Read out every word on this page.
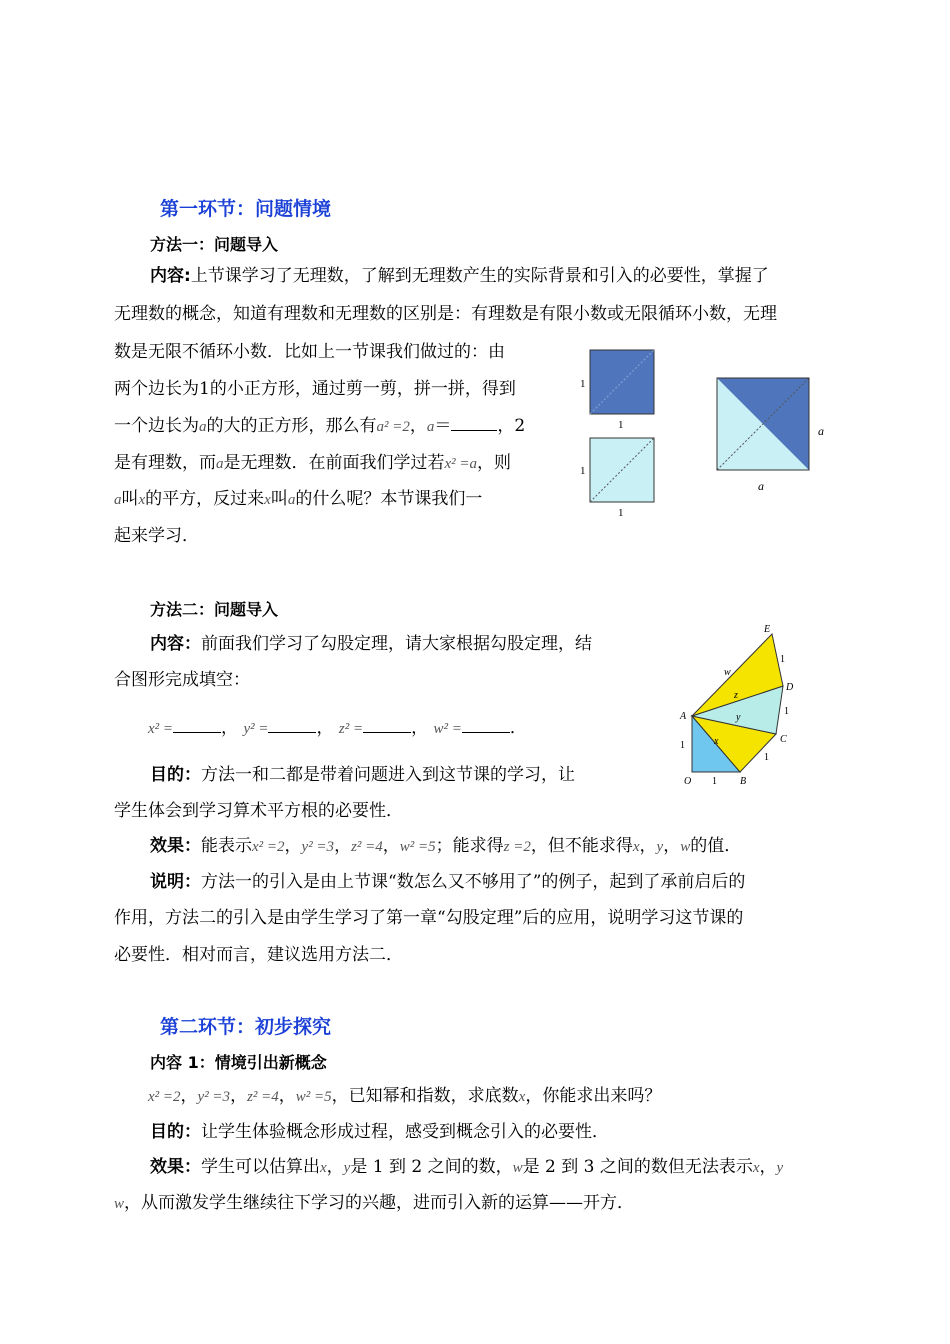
第一环节：问题情境
方法一：问题导入
内容:上节课学习了无理数，了解到无理数产生的实际背景和引入的必要性，掌握了
无理数的概念，知道有理数和无理数的区别是：有理数是有限小数或无限循环小数，无理
数是无限不循环小数．比如上一节课我们做过的：由
两个边长为1的小正方形，通过剪一剪，拼一拼，得到
一个边长为a的大的正方形，那么有a² =2，a＝	，2
是有理数，而a是无理数．在前面我们学过若x² =a，则
a叫x的平方，反过来x叫a的什么呢？本节课我们一
起来学习．
1
1
1
1
a
a
方法二：问题导入
内容：前面我们学习了勾股定理，请大家根据勾股定理，结
合图形完成填空：
x² =	， y² =	， z² =	， w² =	．
E
w
1
D
z
A	y
1
C
x
1
1
O 1 B
目的：方法一和二都是带着问题进入到这节课的学习，让
学生体会到学习算术平方根的必要性．
效果：能表示x² =2，y² =3，z² =4，w² =5；能求得z =2，但不能求得x，y，w的值．
说明：方法一的引入是由上节课“数怎么又不够用了”的例子，起到了承前启后的
作用，方法二的引入是由学生学习了第一章“勾股定理”后的应用，说明学习这节课的
必要性．相对而言，建议选用方法二．
第二环节：初步探究
内容 1：情境引出新概念
x² =2，y² =3，z² =4，w² =5，已知幂和指数，求底数x，你能求出来吗？
目的：让学生体验概念形成过程，感受到概念引入的必要性．
效果：学生可以估算出x，y是 1 到 2 之间的数，w是 2 到 3 之间的数但无法表示x，y
w，从而激发学生继续往下学习的兴趣，进而引入新的运算——开方．
